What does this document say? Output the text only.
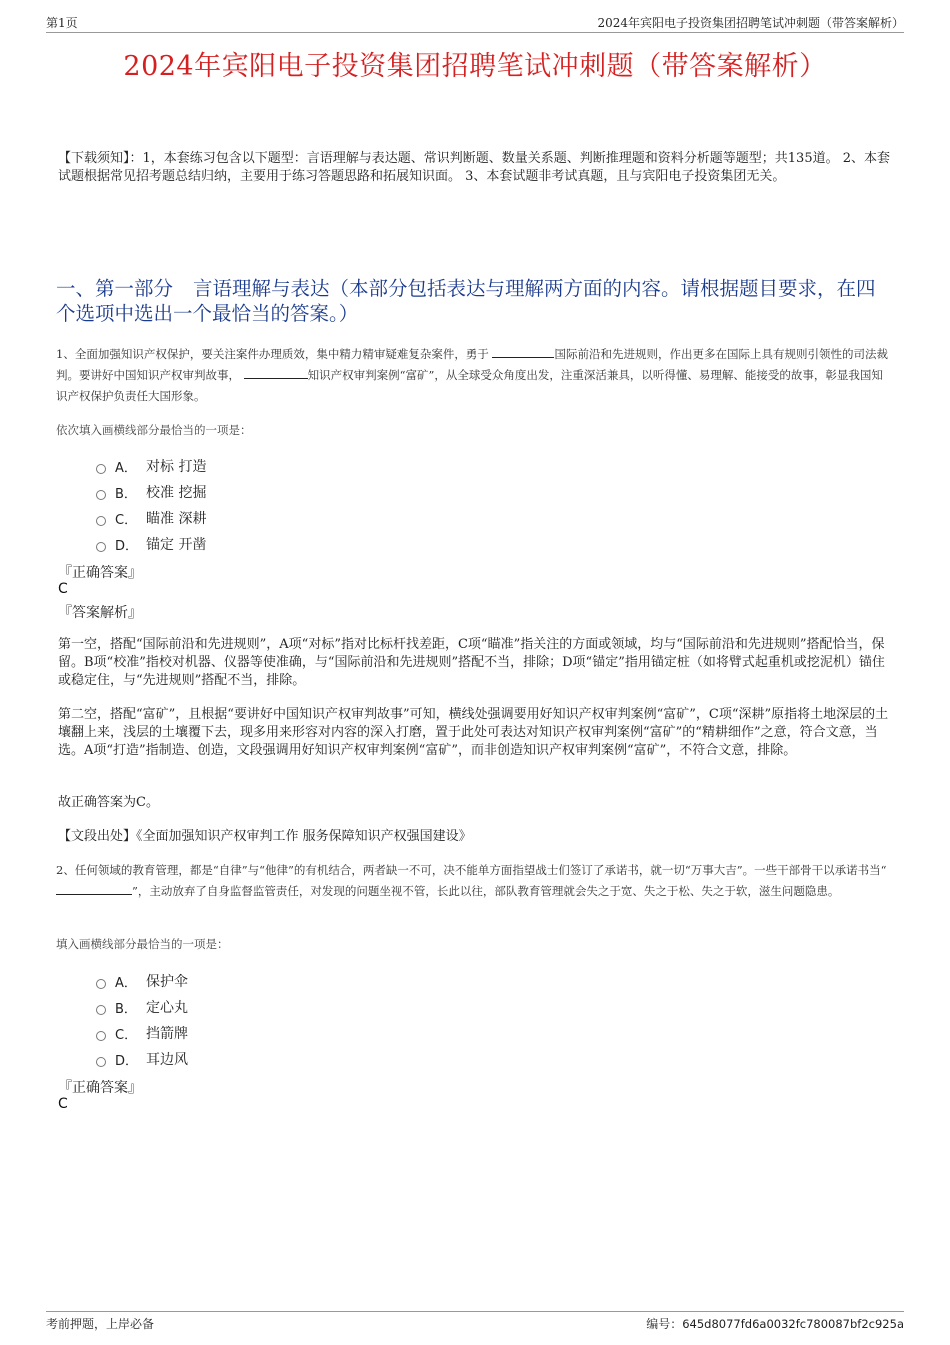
第1页	2024年宾阳电子投资集团招聘笔试冲刺题（带答案解析）
2024年宾阳电子投资集团招聘笔试冲刺题（带答案解析）
【下载须知】：1，本套练习包含以下题型：言语理解与表达题、常识判断题、数量关系题、判断推理题和资料分析题等题型；共135道。 2、本套试题根据常见招考题总结归纳，主要用于练习答题思路和拓展知识面。 3、本套试题非考试真题，且与宾阳电子投资集团无关。
一、第一部分 言语理解与表达（本部分包括表达与理解两方面的内容。请根据题目要求，在四个选项中选出一个最恰当的答案。）
1、全面加强知识产权保护，要关注案件办理质效，集中精力精审疑难复杂案件，勇于	国际前沿和先进规则，作出更多在国际上具有规则引领性的司法裁判。要讲好中国知识产权审判故事，	知识产权审判案例“富矿”，从全球受众角度出发，注重深活兼具，以听得懂、易理解、能接受的故事，彰显我国知识产权保护负责任大国形象。
依次填入画横线部分最恰当的一项是：
A． 对标 打造
B． 校准 挖掘
C． 瞄准 深耕
D． 锚定 开凿
『正确答案』
C
『答案解析』
第一空，搭配“国际前沿和先进规则”，A项“对标”指对比标杆找差距，C项“瞄准”指关注的方面或领域，均与“国际前沿和先进规则”搭配恰当，保留。B项“校准”指校对机器、仪器等使准确，与“国际前沿和先进规则”搭配不当，排除；D项“锚定”指用锚定桩（如将臂式起重机或挖泥机）锚住或稳定住，与“先进规则”搭配不当，排除。
第二空，搭配“富矿”，且根据“要讲好中国知识产权审判故事”可知，横线处强调要用好知识产权审判案例“富矿”，C项“深耕”原指将土地深层的土壤翻上来，浅层的土壤覆下去，现多用来形容对内容的深入打磨，置于此处可表达对知识产权审判案例“富矿”的“精耕细作”之意，符合文意，当选。A项“打造”指制造、创造，文段强调用好知识产权审判案例“富矿”，而非创造知识产权审判案例“富矿”，不符合文意，排除。
故正确答案为C。
【文段出处】《全面加强知识产权审判工作 服务保障知识产权强国建设》
2、任何领域的教育管理，都是“自律”与“他律”的有机结合，两者缺一不可，决不能单方面指望战士们签订了承诺书，就一切“万事大吉”。一些干部骨干以承诺书当“”，主动放弃了自身监督监管责任，对发现的问题坐视不管，长此以往，部队教育管理就会失之于宽、失之于松、失之于软，滋生问题隐患。
填入画横线部分最恰当的一项是：
A． 保护伞
B． 定心丸
C． 挡箭牌
D． 耳边风
『正确答案』
C
考前押题，上岸必备	编号：645d8077fd6a0032fc780087bf2c925a
